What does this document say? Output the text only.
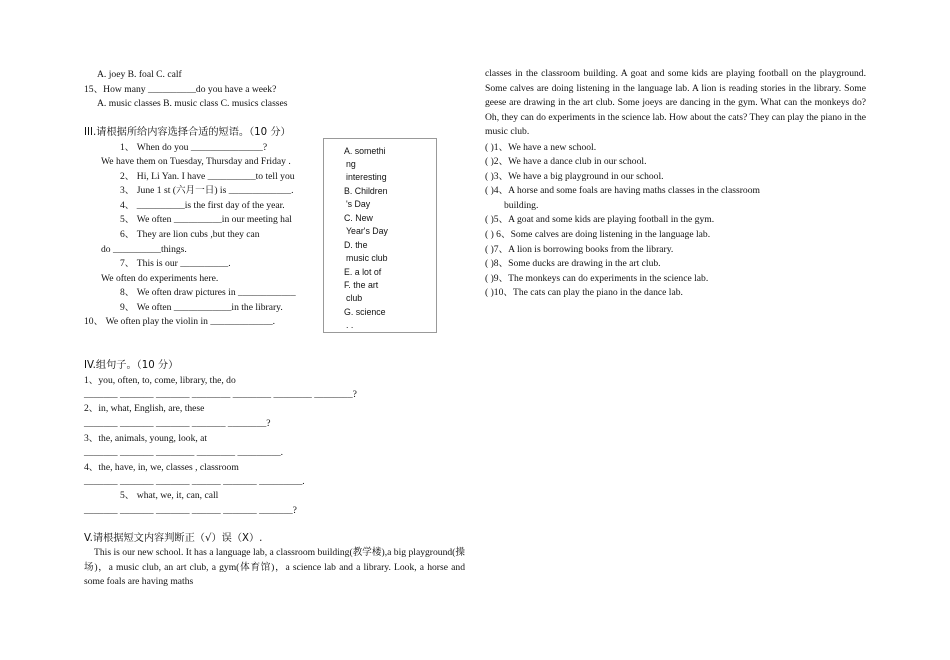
A. joey B. foal C. calf
15、How many __________do you have a week?
A. music classes B. music class C. musics classes
III.请根据所给内容选择合适的短语。（10 分）
1、 When do you _______________?
We have them on Tuesday, Thursday and Friday .
2、 Hi, Li Yan. I have __________to tell you
3、 June 1 st (六月一日) is _____________.
4、 __________is the first day of the year.
5、 We often __________in our meeting hal
6、 They are lion cubs ,but they can
do __________things.
7、 This is our __________.
We often do experiments here.
8、 We often draw pictures in ____________
9、 We often ____________in the library.
10、 We often play the violin in _____________.
A. somethi
ng
interesting
B. Children
's Day
C. New
Year's Day
D. the
music club
E. a lot of
F. the art
club
G. science
. .
IV.组句子。（10 分）
1、you, often, to, come, library, the, do
_______ _______ _______ ________ ________ ________ ________?
2、in, what, English, are, these
_______ _______ _______ _______ ________?
3、the, animals, young, look, at
_______ _______ ________ ________ _________.
4、the, have, in, we, classes , classroom
_______ _______ _______ ______ _______ _________.
5、 what, we, it, can, call
_______ _______ _______ ______ _______ _______?
V.请根据短文内容判断正（√）误（X）.
This is our new school. It has a language lab, a classroom building(教学楼),a big playground(操场)，a music club, an art club, a gym(体育馆)，a science lab and a library. Look, a horse and some foals are having maths
classes in the classroom building. A goat and some kids are playing football on the playground. Some calves are doing listening in the language lab. A lion is reading stories in the library. Some geese are drawing in the art club. Some joeys are dancing in the gym. What can the monkeys do? Oh, they can do experiments in the science lab. How about the cats? They can play the piano in the music club.
( )1、We have a new school.
( )2、We have a dance club in our school.
( )3、We have a big playground in our school.
( )4、A horse and some foals are having maths classes in the classroom
building.
( )5、A goat and some kids are playing football in the gym.
( ) 6、Some calves are doing listening in the language lab.
( )7、A lion is borrowing books from the library.
( )8、Some ducks are drawing in the art club.
( )9、The monkeys can do experiments in the science lab.
( )10、The cats can play the piano in the dance lab.
